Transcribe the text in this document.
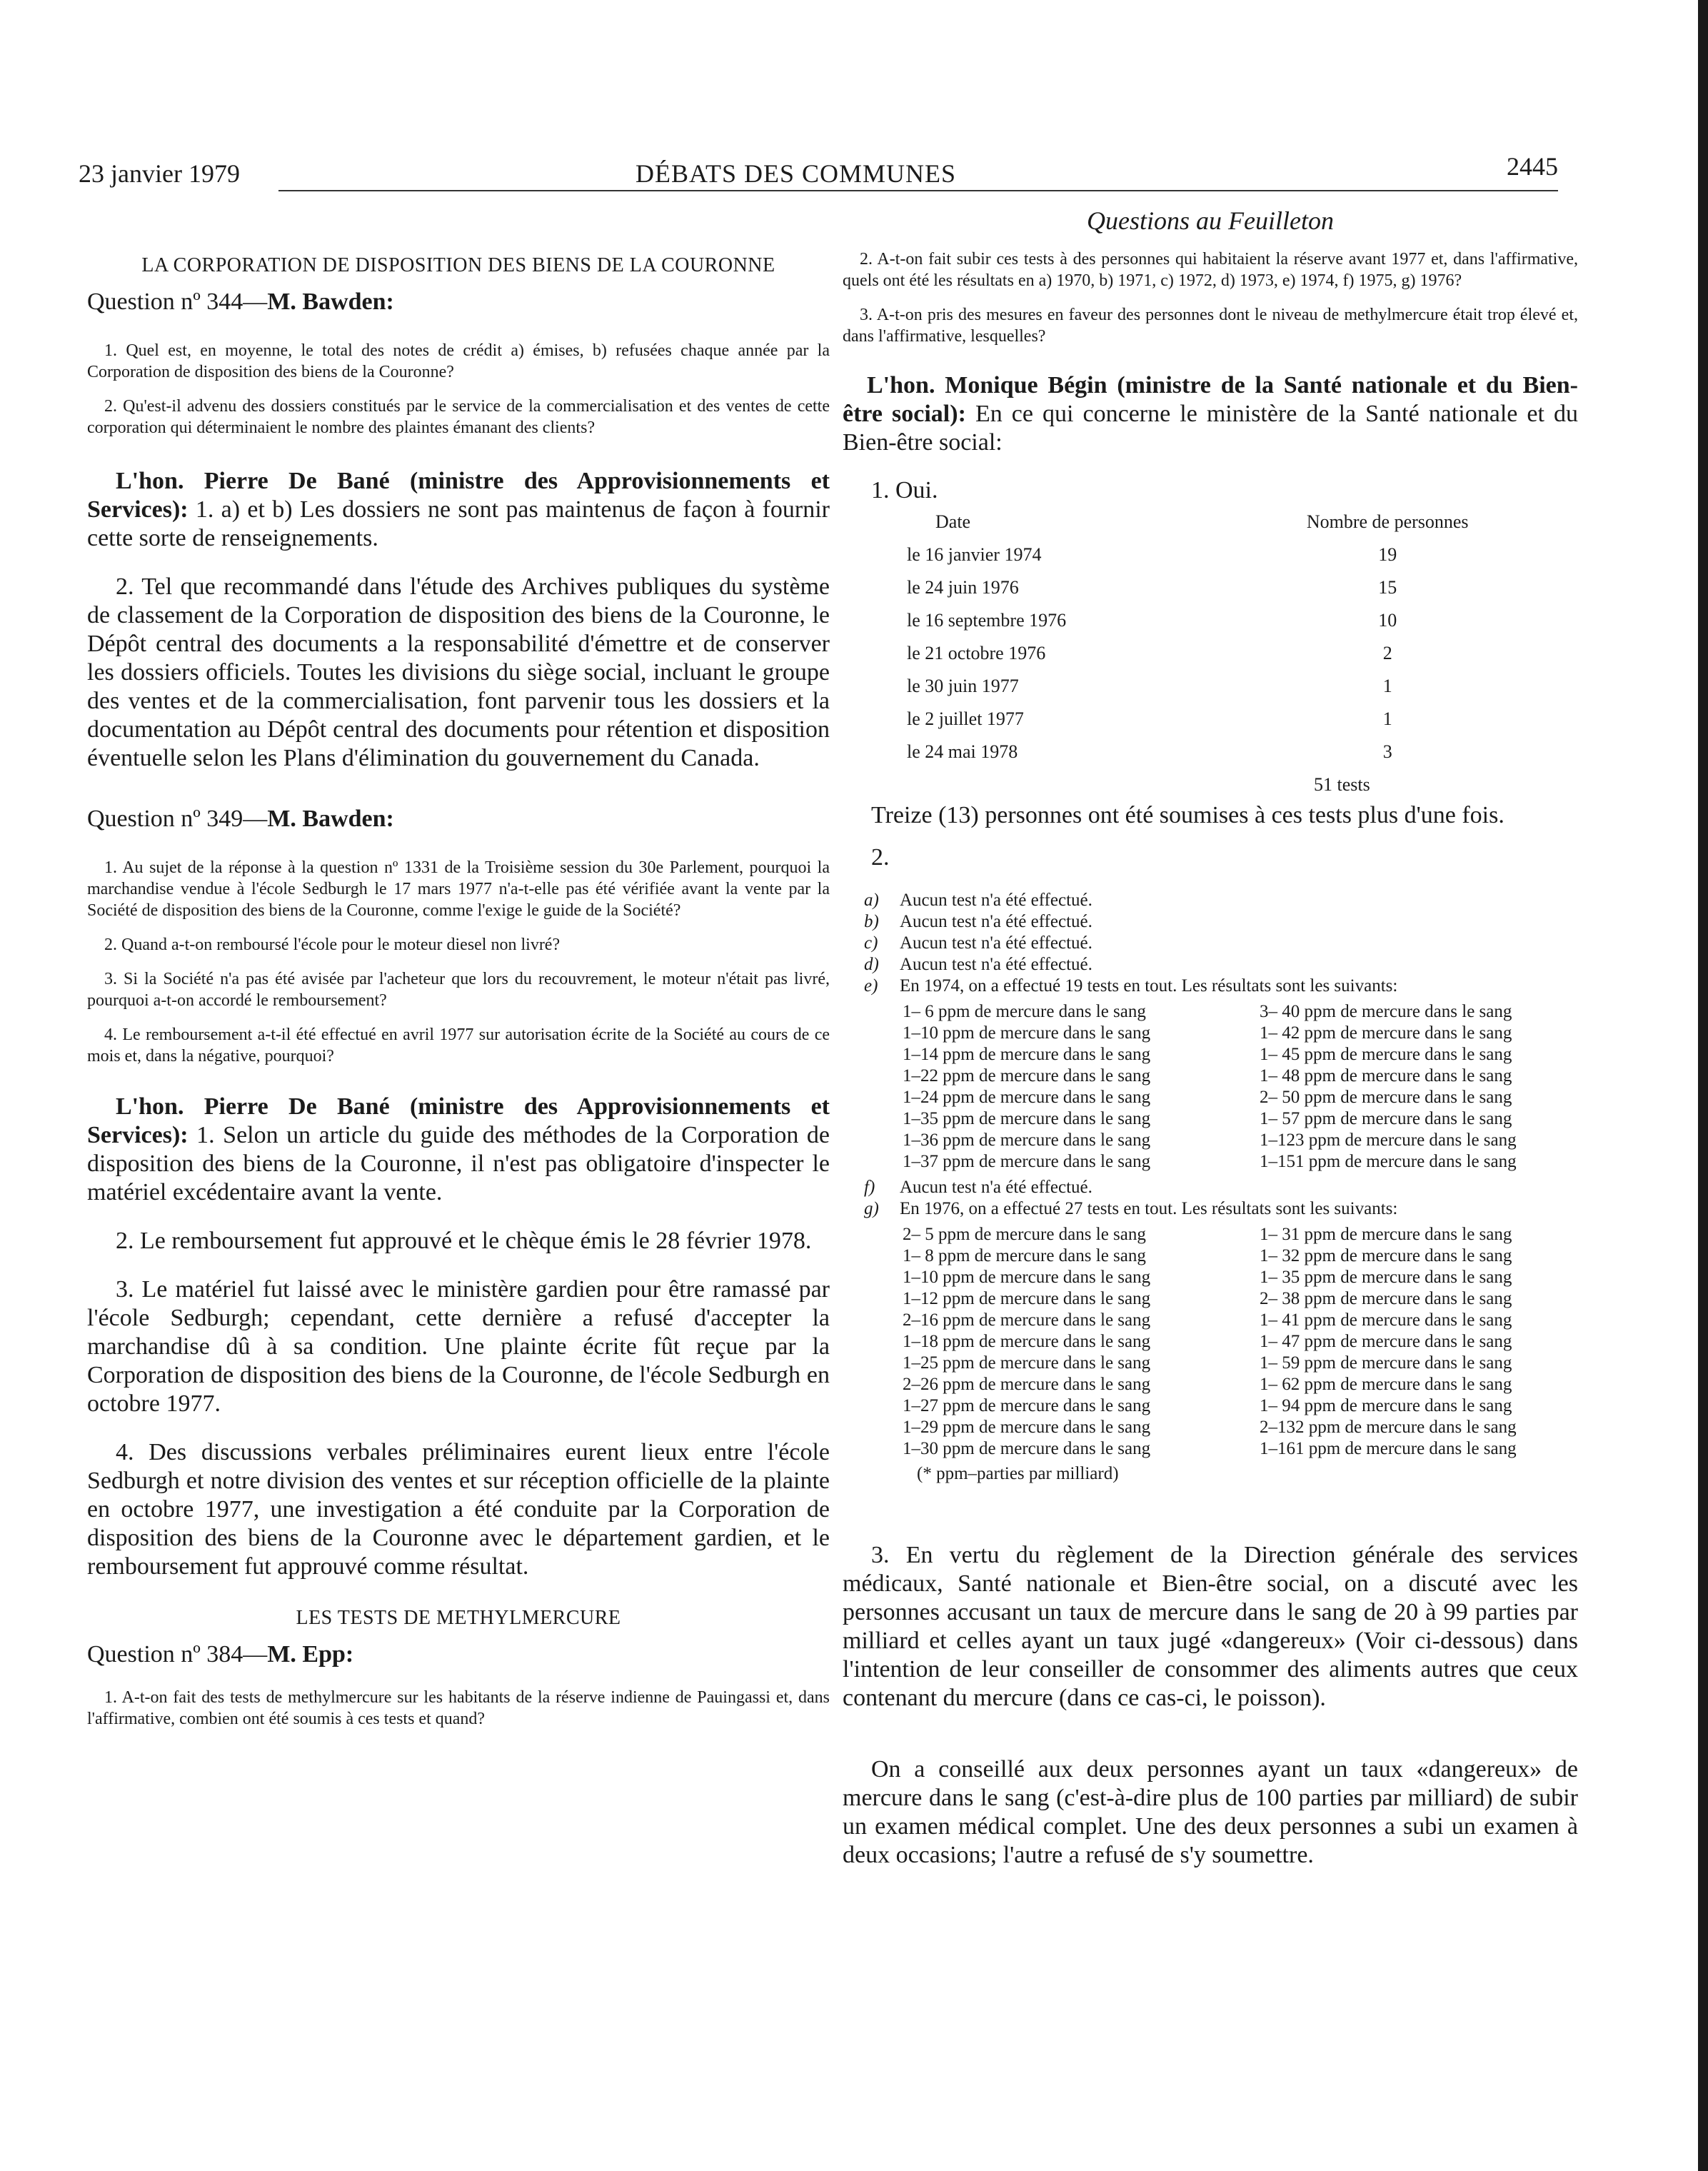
23 janvier 1979	DÉBATS DES COMMUNES	2445
LA CORPORATION DE DISPOSITION DES BIENS DE LA COURONNE
Question nº 344—M. Bawden:

1. Quel est, en moyenne, le total des notes de crédit a) émises, b) refusées chaque année par la Corporation de disposition des biens de la Couronne?

2. Qu'est-il advenu des dossiers constitués par le service de la commercialisation et des ventes de cette corporation qui déterminaient le nombre des plaintes émanant des clients?

L'hon. Pierre De Bané (ministre des Approvisionnements et Services): 1. a) et b) Les dossiers ne sont pas maintenus de façon à fournir cette sorte de renseignements.

2. Tel que recommandé dans l'étude des Archives publiques du système de classement de la Corporation de disposition des biens de la Couronne, le Dépôt central des documents a la responsabilité d'émettre et de conserver les dossiers officiels. Toutes les divisions du siège social, incluant le groupe des ventes et de la commercialisation, font parvenir tous les dossiers et la documentation au Dépôt central des documents pour rétention et disposition éventuelle selon les Plans d'élimination du gouvernement du Canada.

Question nº 349—M. Bawden:

1. Au sujet de la réponse à la question nº 1331 de la Troisième session du 30e Parlement, pourquoi la marchandise vendue à l'école Sedburgh le 17 mars 1977 n'a-t-elle pas été vérifiée avant la vente par la Société de disposition des biens de la Couronne, comme l'exige le guide de la Société?

2. Quand a-t-on remboursé l'école pour le moteur diesel non livré?

3. Si la Société n'a pas été avisée par l'acheteur que lors du recouvrement, le moteur n'était pas livré, pourquoi a-t-on accordé le remboursement?

4. Le remboursement a-t-il été effectué en avril 1977 sur autorisation écrite de la Société au cours de ce mois et, dans la négative, pourquoi?

L'hon. Pierre De Bané (ministre des Approvisionnements et Services): 1. Selon un article du guide des méthodes de la Corporation de disposition des biens de la Couronne, il n'est pas obligatoire d'inspecter le matériel excédentaire avant la vente.

2. Le remboursement fut approuvé et le chèque émis le 28 février 1978.

3. Le matériel fut laissé avec le ministère gardien pour être ramassé par l'école Sedburgh; cependant, cette dernière a refusé d'accepter la marchandise dû à sa condition. Une plainte écrite fût reçue par la Corporation de disposition des biens de la Couronne, de l'école Sedburgh en octobre 1977.

4. Des discussions verbales préliminaires eurent lieux entre l'école Sedburgh et notre division des ventes et sur réception officielle de la plainte en octobre 1977, une investigation a été conduite par la Corporation de disposition des biens de la Couronne avec le département gardien, et le remboursement fut approuvé comme résultat.

LES TESTS DE METHYLMERCURE
Question nº 384—M. Epp:

1. A-t-on fait des tests de methylmercure sur les habitants de la réserve indienne de Pauingassi et, dans l'affirmative, combien ont été soumis à ces tests et quand?

Questions au Feuilleton

2. A-t-on fait subir ces tests à des personnes qui habitaient la réserve avant 1977 et, dans l'affirmative, quels ont été les résultats en a) 1970, b) 1971, c) 1972, d) 1973, e) 1974, f) 1975, g) 1976?

3. A-t-on pris des mesures en faveur des personnes dont le niveau de methylmercure était trop élevé et, dans l'affirmative, lesquelles?

L'hon. Monique Bégin (ministre de la Santé nationale et du Bien-être social): En ce qui concerne le ministère de la Santé nationale et du Bien-être social:

1. Oui.
Date	Nombre de personnes
le 16 janvier 1974	19
le 24 juin 1976	15
le 16 septembre 1976	10
le 21 octobre 1976	2
le 30 juin 1977	1
le 2 juillet 1977	1
le 24 mai 1978	3
51 tests

Treize (13) personnes ont été soumises à ces tests plus d'une fois.

2.
a)	Aucun test n'a été effectué.
b)	Aucun test n'a été effectué.
c)	Aucun test n'a été effectué.
d)	Aucun test n'a été effectué.
e)	En 1974, on a effectué 19 tests en tout. Les résultats sont les suivants:
1– 6 ppm de mercure dans le sang	3– 40 ppm de mercure dans le sang
1–10 ppm de mercure dans le sang	1– 42 ppm de mercure dans le sang
1–14 ppm de mercure dans le sang	1– 45 ppm de mercure dans le sang
1–22 ppm de mercure dans le sang	1– 48 ppm de mercure dans le sang
1–24 ppm de mercure dans le sang	2– 50 ppm de mercure dans le sang
1–35 ppm de mercure dans le sang	1– 57 ppm de mercure dans le sang
1–36 ppm de mercure dans le sang	1–123 ppm de mercure dans le sang
1–37 ppm de mercure dans le sang	1–151 ppm de mercure dans le sang
f)	Aucun test n'a été effectué.
g)	En 1976, on a effectué 27 tests en tout. Les résultats sont les suivants:
2– 5 ppm de mercure dans le sang	1– 31 ppm de mercure dans le sang
1– 8 ppm de mercure dans le sang	1– 32 ppm de mercure dans le sang
1–10 ppm de mercure dans le sang	1– 35 ppm de mercure dans le sang
1–12 ppm de mercure dans le sang	2– 38 ppm de mercure dans le sang
2–16 ppm de mercure dans le sang	1– 41 ppm de mercure dans le sang
1–18 ppm de mercure dans le sang	1– 47 ppm de mercure dans le sang
1–25 ppm de mercure dans le sang	1– 59 ppm de mercure dans le sang
2–26 ppm de mercure dans le sang	1– 62 ppm de mercure dans le sang
1–27 ppm de mercure dans le sang	1– 94 ppm de mercure dans le sang
1–29 ppm de mercure dans le sang	2–132 ppm de mercure dans le sang
1–30 ppm de mercure dans le sang	1–161 ppm de mercure dans le sang
(* ppm–parties par milliard)

3. En vertu du règlement de la Direction générale des services médicaux, Santé nationale et Bien-être social, on a discuté avec les personnes accusant un taux de mercure dans le sang de 20 à 99 parties par milliard et celles ayant un taux jugé «dangereux» (Voir ci-dessous) dans l'intention de leur conseiller de consommer des aliments autres que ceux contenant du mercure (dans ce cas-ci, le poisson).

On a conseillé aux deux personnes ayant un taux «dangereux» de mercure dans le sang (c'est-à-dire plus de 100 parties par milliard) de subir un examen médical complet. Une des deux personnes a subi un examen à deux occasions; l'autre a refusé de s'y soumettre.
